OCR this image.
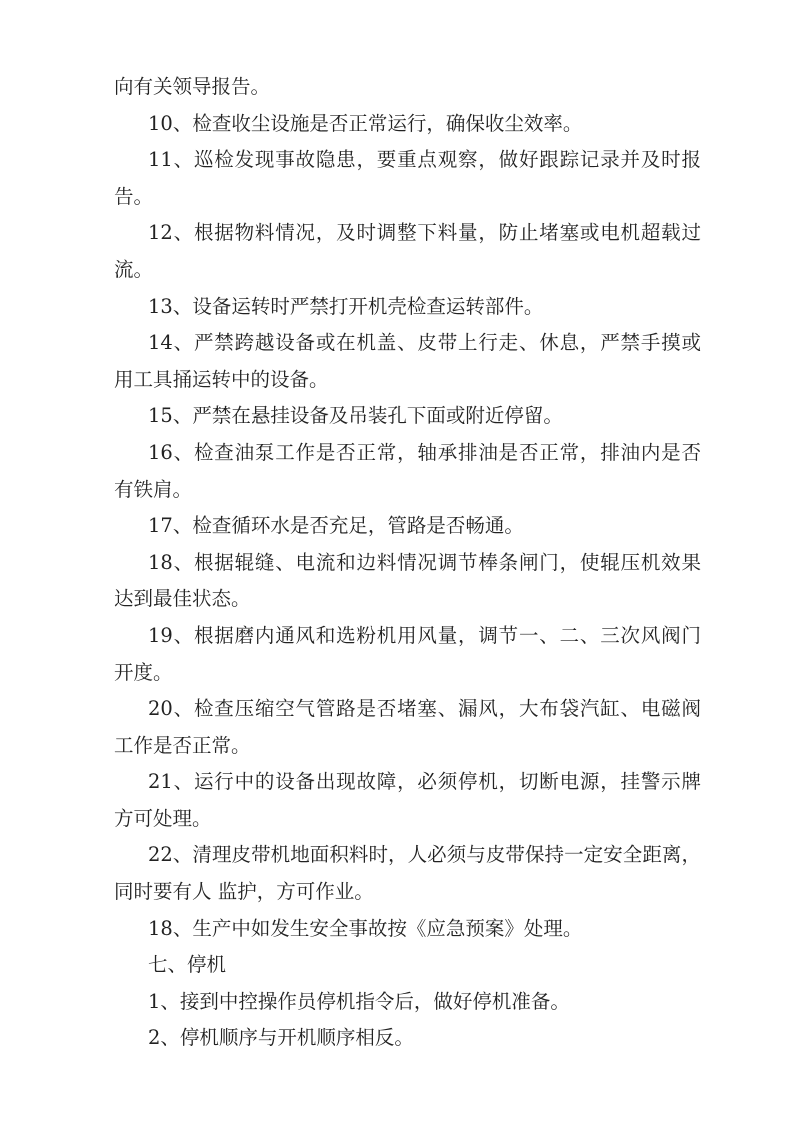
向有关领导报告。
10、检查收尘设施是否正常运行，确保收尘效率。
11、巡检发现事故隐患，要重点观察，做好跟踪记录并及时报
告。
12、根据物料情况，及时调整下料量，防止堵塞或电机超载过
流。
13、设备运转时严禁打开机壳检查运转部件。
14、严禁跨越设备或在机盖、皮带上行走、休息，严禁手摸或
用工具捅运转中的设备。
15、严禁在悬挂设备及吊装孔下面或附近停留。
16、检查油泵工作是否正常，轴承排油是否正常，排油内是否
有铁肩。
17、检查循环水是否充足，管路是否畅通。
18、根据辊缝、电流和边料情况调节棒条闸门，使辊压机效果
达到最佳状态。
19、根据磨内通风和选粉机用风量，调节一、二、三次风阀门
开度。
20、检查压缩空气管路是否堵塞、漏风，大布袋汽缸、电磁阀
工作是否正常。
21、运行中的设备出现故障，必须停机，切断电源，挂警示牌
方可处理。
22、清理皮带机地面积料时，人必须与皮带保持一定安全距离，
同时要有人 监护，方可作业。
18、生产中如发生安全事故按《应急预案》处理。
七、停机
1、接到中控操作员停机指令后，做好停机准备。
2、停机顺序与开机顺序相反。
